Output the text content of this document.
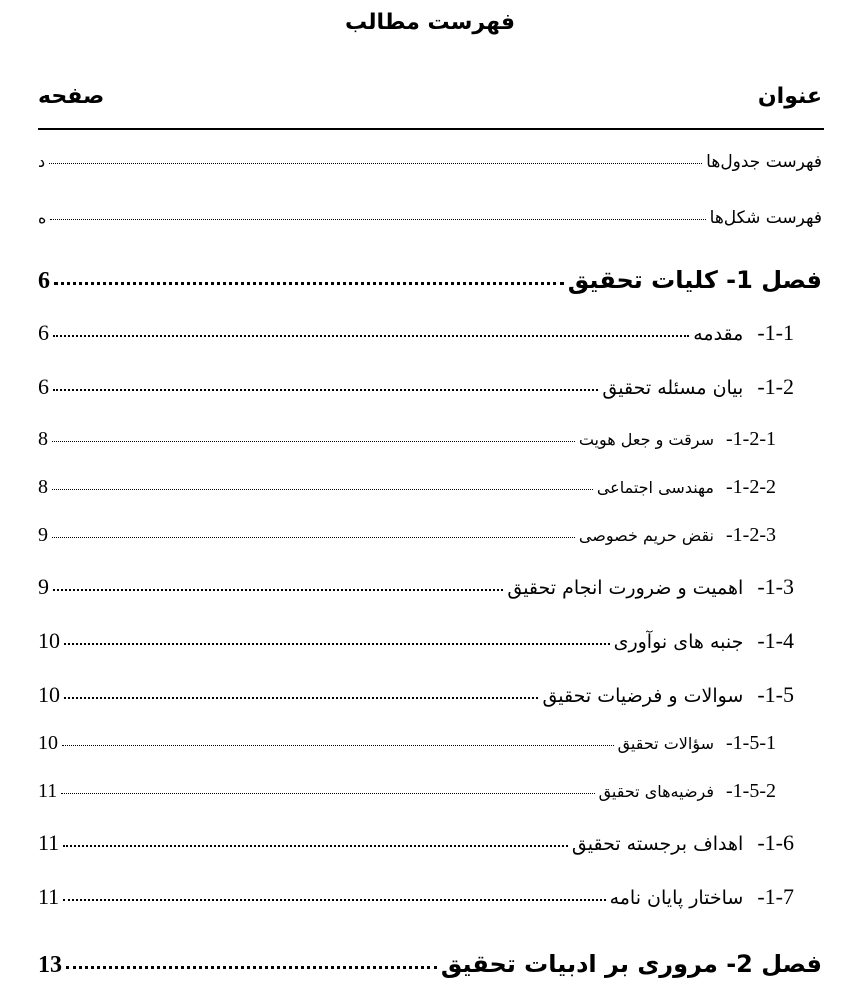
فهرست مطالب
عنوان
صفحه
فهرست جدول‌ها
د
فهرست شکل‌ها
ه
فصل 1- کلیات تحقیق
6
1-1-
مقدمه
6
1-2-
بیان مسئله تحقیق
6
1-2-1-
سرقت و جعل هویت
8
1-2-2-
مهندسی اجتماعی
8
1-2-3-
نقض حریم خصوصی
9
1-3-
اهمیت و ضرورت انجام تحقیق
9
1-4-
جنبه های نوآوری
10
1-5-
سوالات و فرضیات تحقیق
10
1-5-1-
سؤالات تحقیق
10
1-5-2-
فرضیه‌های تحقیق
11
1-6-
اهداف برجسته تحقیق
11
1-7-
ساختار پایان نامه
11
فصل 2- مروری بر ادبیات تحقیق
13
